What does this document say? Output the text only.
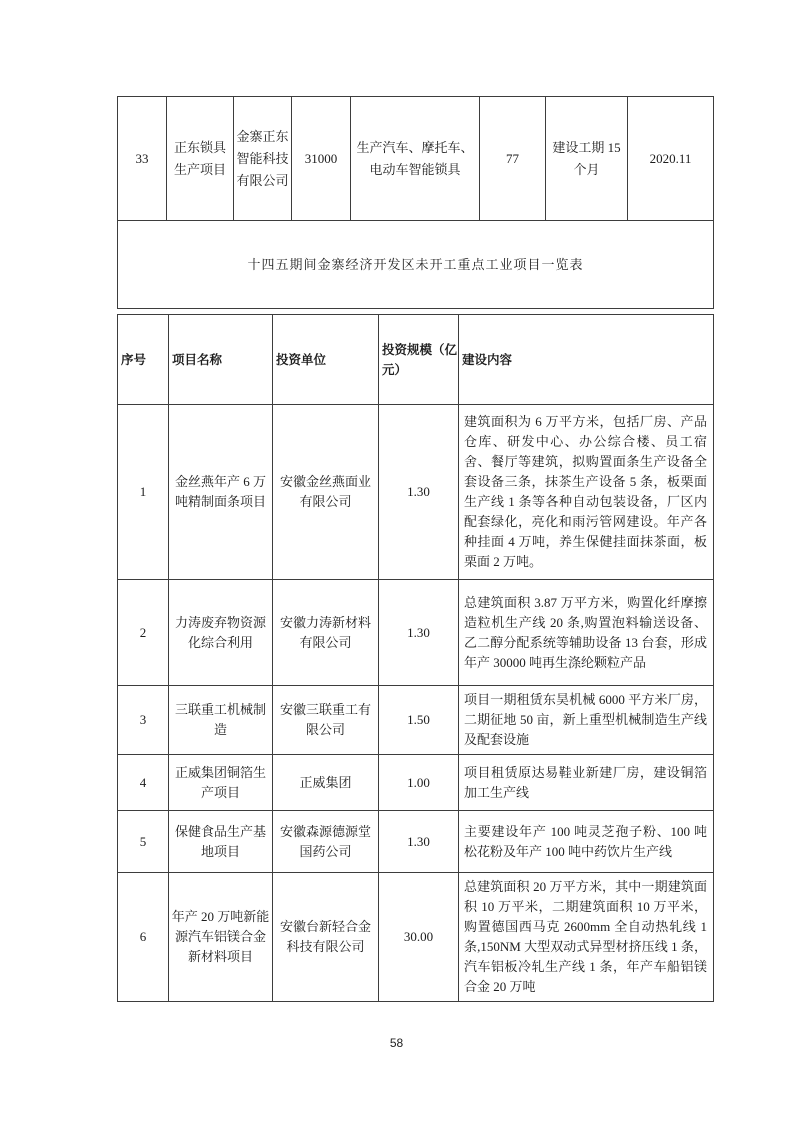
33	正东锁具生产项目	金寨正东智能科技有限公司	31000	生产汽车、摩托车、电动车智能锁具	77	建设工期 15 个月	2020.11
十四五期间金寨经济开发区未开工重点工业项目一览表
序号	项目名称	投资单位	投资规模（亿元）	建设内容
1	金丝燕年产 6 万吨精制面条项目	安徽金丝燕面业有限公司	1.30	建筑面积为 6 万平方米，包括厂房、产品仓库、研发中心、办公综合楼、员工宿舍、餐厅等建筑，拟购置面条生产设备全套设备三条，抹茶生产设备 5 条，板栗面生产线 1 条等各种自动包装设备，厂区内配套绿化，亮化和雨污管网建设。年产各种挂面 4 万吨，养生保健挂面抹茶面，板栗面 2 万吨。
2	力涛废弃物资源化综合利用	安徽力涛新材料有限公司	1.30	总建筑面积 3.87 万平方米，购置化纤摩擦造粒机生产线 20 条,购置泡料输送设备、乙二醇分配系统等辅助设备 13 台套，形成年产 30000 吨再生涤纶颗粒产品
3	三联重工机械制造	安徽三联重工有限公司	1.50	项目一期租赁东昊机械 6000 平方米厂房，二期征地 50 亩，新上重型机械制造生产线及配套设施
4	正威集团铜箔生产项目	正威集团	1.00	项目租赁原达易鞋业新建厂房，建设铜箔加工生产线
5	保健食品生产基地项目	安徽森源德源堂国药公司	1.30	主要建设年产 100 吨灵芝孢子粉、100 吨松花粉及年产 100 吨中药饮片生产线
6	年产 20 万吨新能源汽车铝镁合金新材料项目	安徽台新轻合金科技有限公司	30.00	总建筑面积 20 万平方米，其中一期建筑面积 10 万平米，二期建筑面积 10 万平米，购置德国西马克 2600mm 全自动热轧线 1 条,150NM 大型双动式异型材挤压线 1 条，汽车铝板冷轧生产线 1 条，年产车船铝镁合金 20 万吨
58
